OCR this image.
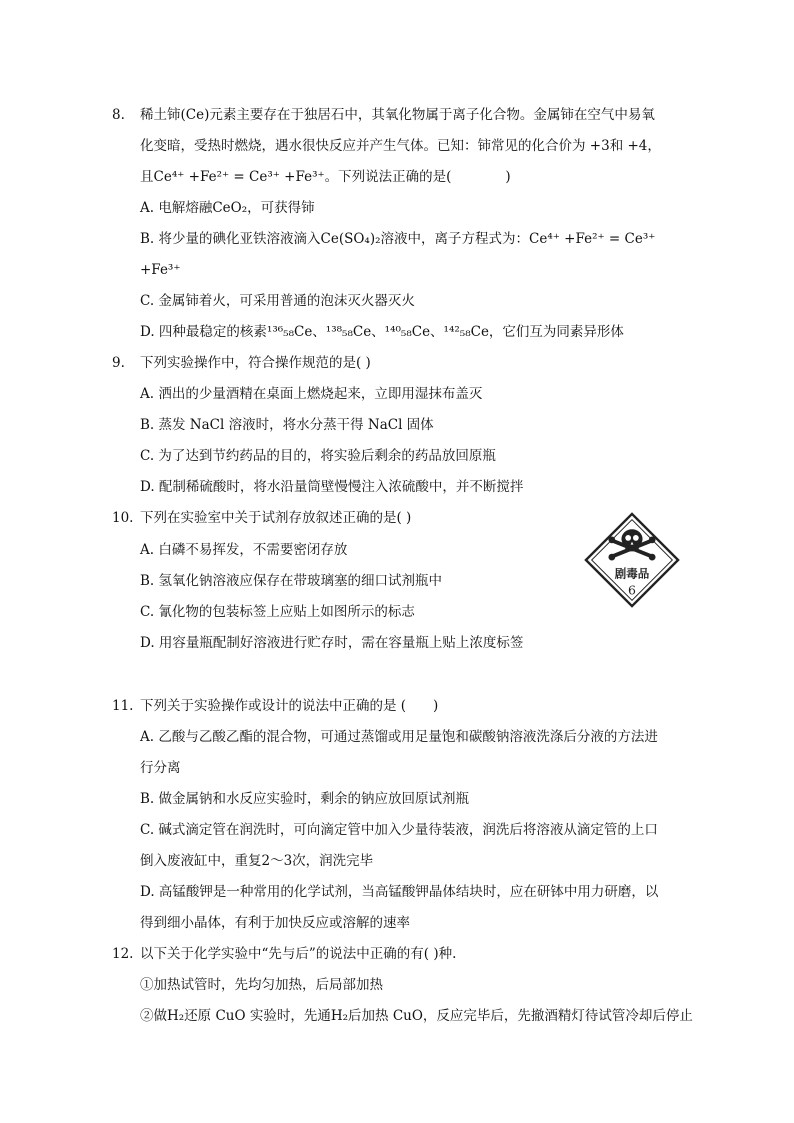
8. 稀土铈(Ce)元素主要存在于独居石中，其氧化物属于离子化合物。金属铈在空气中易氧
化变暗，受热时燃烧，遇水很快反应并产生气体。已知：铈常见的化合价为 +3和 +4，
且Ce⁴⁺ +Fe²⁺ = Ce³⁺ +Fe³⁺。下列说法正确的是(　　　　)
A. 电解熔融CeO₂，可获得铈
B. 将少量的碘化亚铁溶液滴入Ce(SO₄)₂溶液中，离子方程式为：Ce⁴⁺ +Fe²⁺ = Ce³⁺
+Fe³⁺
C. 金属铈着火，可采用普通的泡沫灭火器灭火
D. 四种最稳定的核素¹³⁶₅₈Ce、¹³⁸₅₈Ce、¹⁴⁰₅₈Ce、¹⁴²₅₈Ce，它们互为同素异形体
9. 下列实验操作中，符合操作规范的是( )
A. 洒出的少量酒精在桌面上燃烧起来，立即用湿抹布盖灭
B. 蒸发 NaCl 溶液时，将水分蒸干得 NaCl 固体
C. 为了达到节约药品的目的，将实验后剩余的药品放回原瓶
D. 配制稀硫酸时，将水沿量筒壁慢慢注入浓硫酸中，并不断搅拌
10. 下列在实验室中关于试剂存放叙述正确的是( )
A. 白磷不易挥发，不需要密闭存放
B. 氢氧化钠溶液应保存在带玻璃塞的细口试剂瓶中
C. 氰化物的包装标签上应贴上如图所示的标志
D. 用容量瓶配制好溶液进行贮存时，需在容量瓶上贴上浓度标签
剧毒品
6
11. 下列关于实验操作或设计的说法中正确的是 (　　)
A. 乙酸与乙酸乙酯的混合物，可通过蒸馏或用足量饱和碳酸钠溶液洗涤后分液的方法进
行分离
B. 做金属钠和水反应实验时，剩余的钠应放回原试剂瓶
C. 碱式滴定管在润洗时，可向滴定管中加入少量待装液，润洗后将溶液从滴定管的上口
倒入废液缸中，重复2～3次，润洗完毕
D. 高锰酸钾是一种常用的化学试剂，当高锰酸钾晶体结块时，应在研钵中用力研磨，以
得到细小晶体，有利于加快反应或溶解的速率
12. 以下关于化学实验中“先与后”的说法中正确的有( )种.
①加热试管时，先均匀加热，后局部加热
②做H₂还原 CuO 实验时，先通H₂后加热 CuO，反应完毕后，先撤酒精灯待试管冷却后停止
